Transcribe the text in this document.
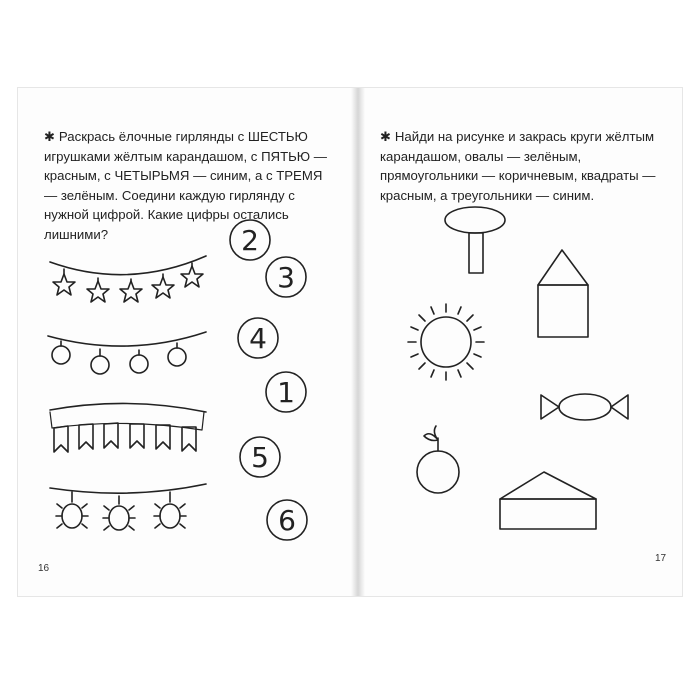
✱ Раскрась ёлочные гирлянды с ШЕСТЬЮ игрушками жёлтым карандашом, с ПЯТЬЮ — красным, с ЧЕТЫРЬМЯ — синим, а с ТРЕМЯ — зелёным. Соедини каждую гирлянду с нужной цифрой. Какие цифры остались лишними?
✱ Найди на рисунке и закрась круги жёлтым карандашом, овалы — зелёным, прямоугольники — коричневым, квадраты — красным, а треугольники — синим.
2
3
4
1
5
6
16
17
